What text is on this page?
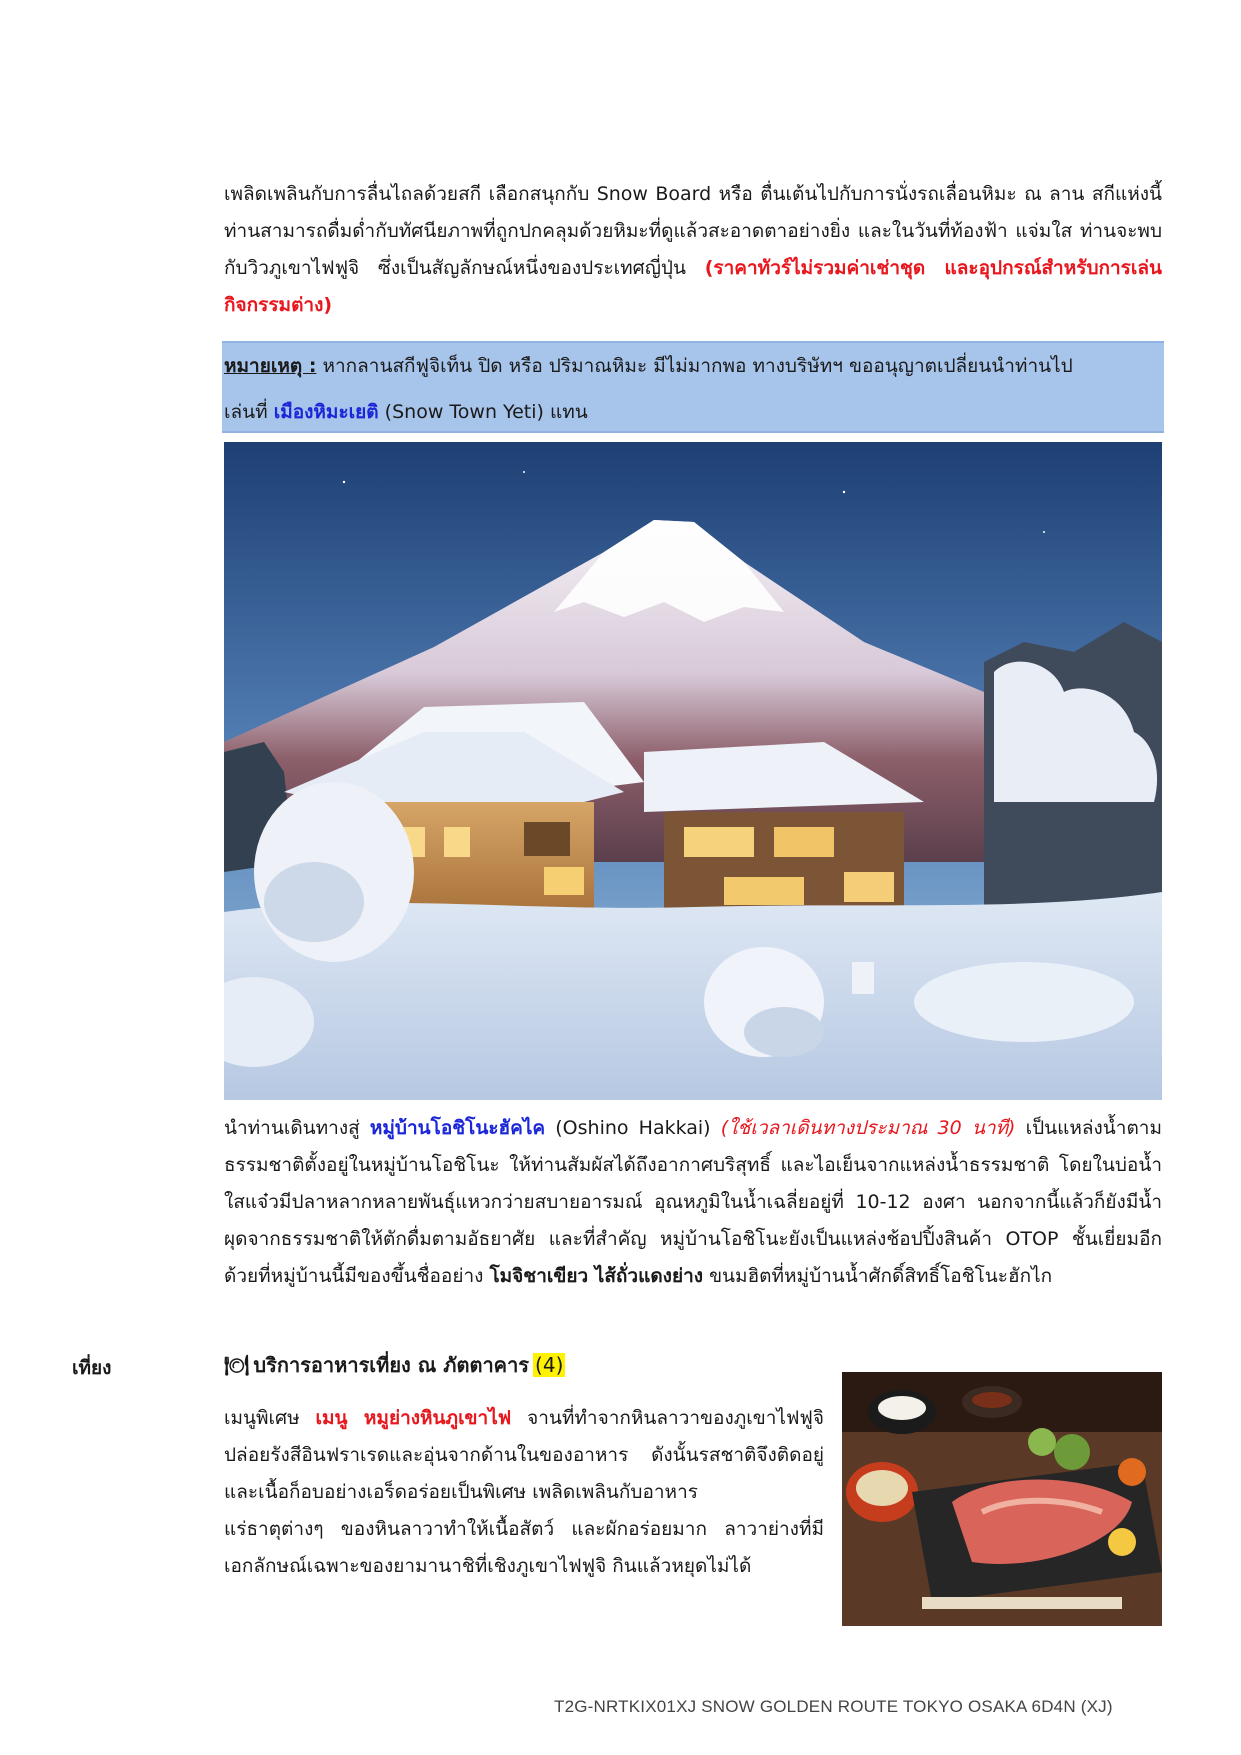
เพลิดเพลินกับการลื่นไถลด้วยสกี เลือกสนุกกับ Snow Board หรือ ตื่นเต้นไปกับการนั่งรถเลื่อนหิมะ ณ ลาน สกีแห่งนี้ ท่านสามารถดื่มด่ำกับทัศนียภาพที่ถูกปกคลุมด้วยหิมะที่ดูแล้วสะอาดตาอย่างยิ่ง และในวันที่ท้องฟ้า แจ่มใส ท่านจะพบกับวิวภูเขาไฟฟูจิ ซึ่งเป็นสัญลักษณ์หนึ่งของประเทศญี่ปุ่น (ราคาทัวร์ไม่รวมค่าเช่าชุด และอุปกรณ์สำหรับการเล่นกิจกรรมต่าง)
หมายเหตุ : หากลานสกีฟูจิเท็น ปิด หรือ ปริมาณหิมะ มีไม่มากพอ ทางบริษัทฯ ขออนุญาตเปลี่ยนนำท่านไป
เล่นที่ เมืองหิมะเยติ (Snow Town Yeti) แทน
นำท่านเดินทางสู่ หมู่บ้านโอชิโนะฮัคไค (Oshino Hakkai) (ใช้เวลาเดินทางประมาณ 30 นาที) เป็นแหล่งน้ำตามธรรมชาติตั้งอยู่ในหมู่บ้านโอชิโนะ ให้ท่านสัมผัสได้ถึงอากาศบริสุทธิ์ และไอเย็นจากแหล่งน้ำธรรมชาติ โดยในบ่อน้ำใสแจ๋วมีปลาหลากหลายพันธุ์แหวกว่ายสบายอารมณ์ อุณหภูมิในน้ำเฉลี่ยอยู่ที่ 10-12 องศา นอกจากนี้แล้วก็ยังมีน้ำผุดจากธรรมชาติให้ตักดื่มตามอัธยาศัย และที่สำคัญ หมู่บ้านโอชิโนะยังเป็นแหล่งช้อปปิ้งสินค้า OTOP ชั้นเยี่ยมอีกด้วยที่หมู่บ้านนี้มีของขึ้นชื่ออย่าง โมจิชาเขียว ไส้ถั่วแดงย่าง ขนมฮิตที่หมู่บ้านน้ำศักดิ์สิทธิ์โอชิโนะฮักไก
เที่ยง	🍽︎ บริการอาหารเที่ยง ณ ภัตตาคาร (4)
เมนูพิเศษ เมนู หมูย่างหินภูเขาไฟ จานที่ทำจากหินลาวาของภูเขาไฟฟูจิปล่อยรังสีอินฟราเรดและอุ่นจากด้านในของอาหาร ดังนั้นรสชาติจึงติดอยู่และเนื้อก็อบอย่างเอร็ดอร่อยเป็นพิเศษ เพลิดเพลินกับอาหาร
แร่ธาตุต่างๆ ของหินลาวาทำให้เนื้อสัตว์ และผักอร่อยมาก ลาวาย่างที่มีเอกลักษณ์เฉพาะของยามานาชิที่เชิงภูเขาไฟฟูจิ กินแล้วหยุดไม่ได้
T2G-NRTKIX01XJ SNOW GOLDEN ROUTE TOKYO OSAKA 6D4N (XJ)
